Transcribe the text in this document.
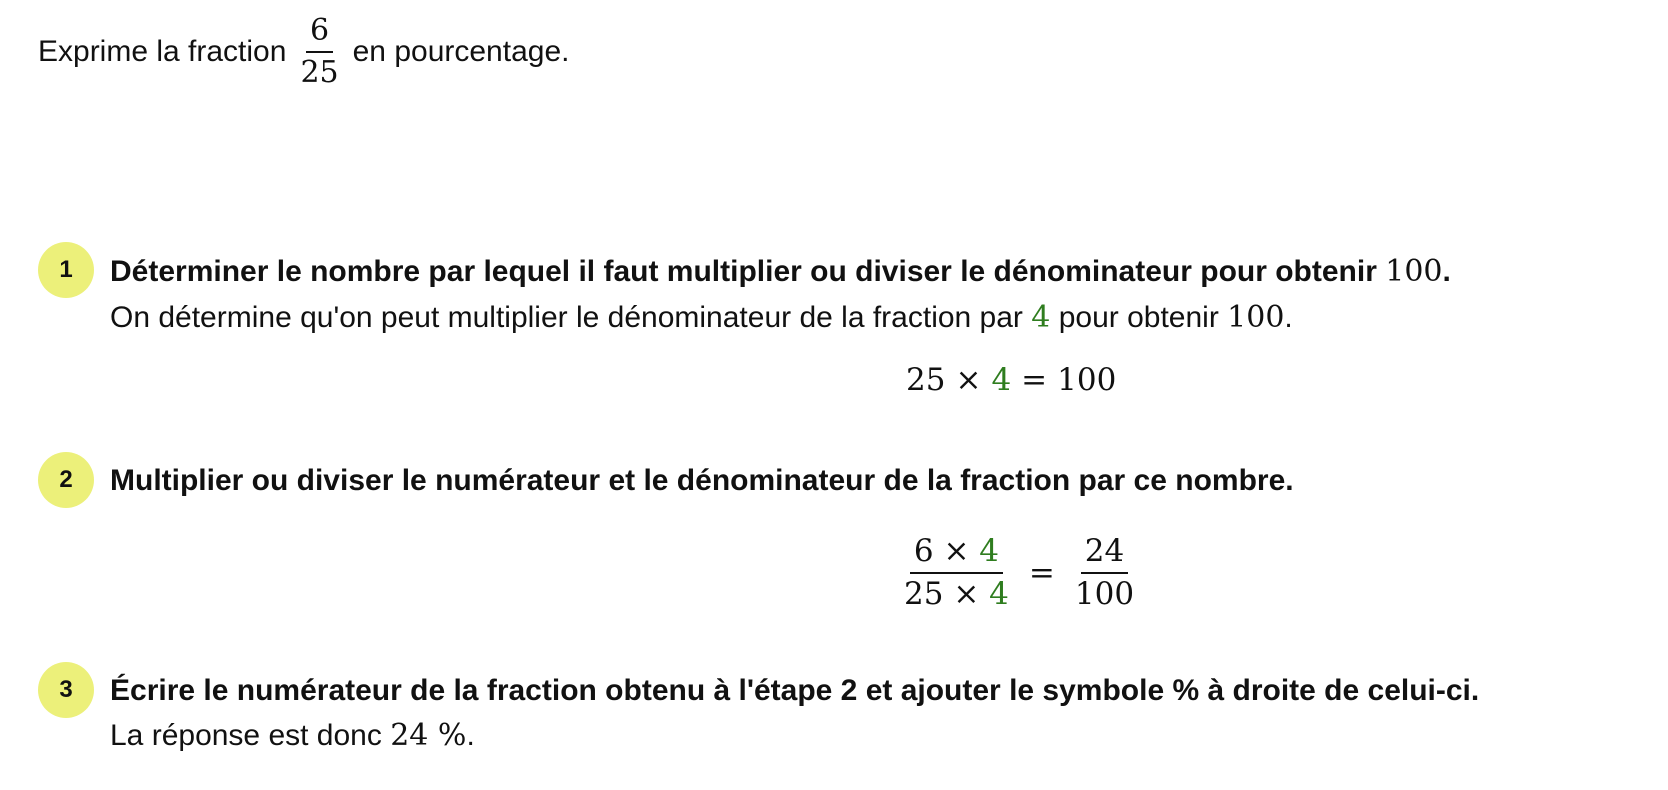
Exprime la fraction $\frac{6}{25}$ en pourcentage.
1	Déterminer le nombre par lequel il faut multiplier ou diviser le dénominateur pour obtenir 100.
On détermine qu'on peut multiplier le dénominateur de la fraction par 4 pour obtenir 100.
25 × 4 = 100
2	Multiplier ou diviser le numérateur et le dénominateur de la fraction par ce nombre.
$\frac{6 \times 4}{25 \times 4} = \frac{24}{100}$
3	Écrire le numérateur de la fraction obtenu à l'étape 2 et ajouter le symbole % à droite de celui-ci.
La réponse est donc 24 %.
